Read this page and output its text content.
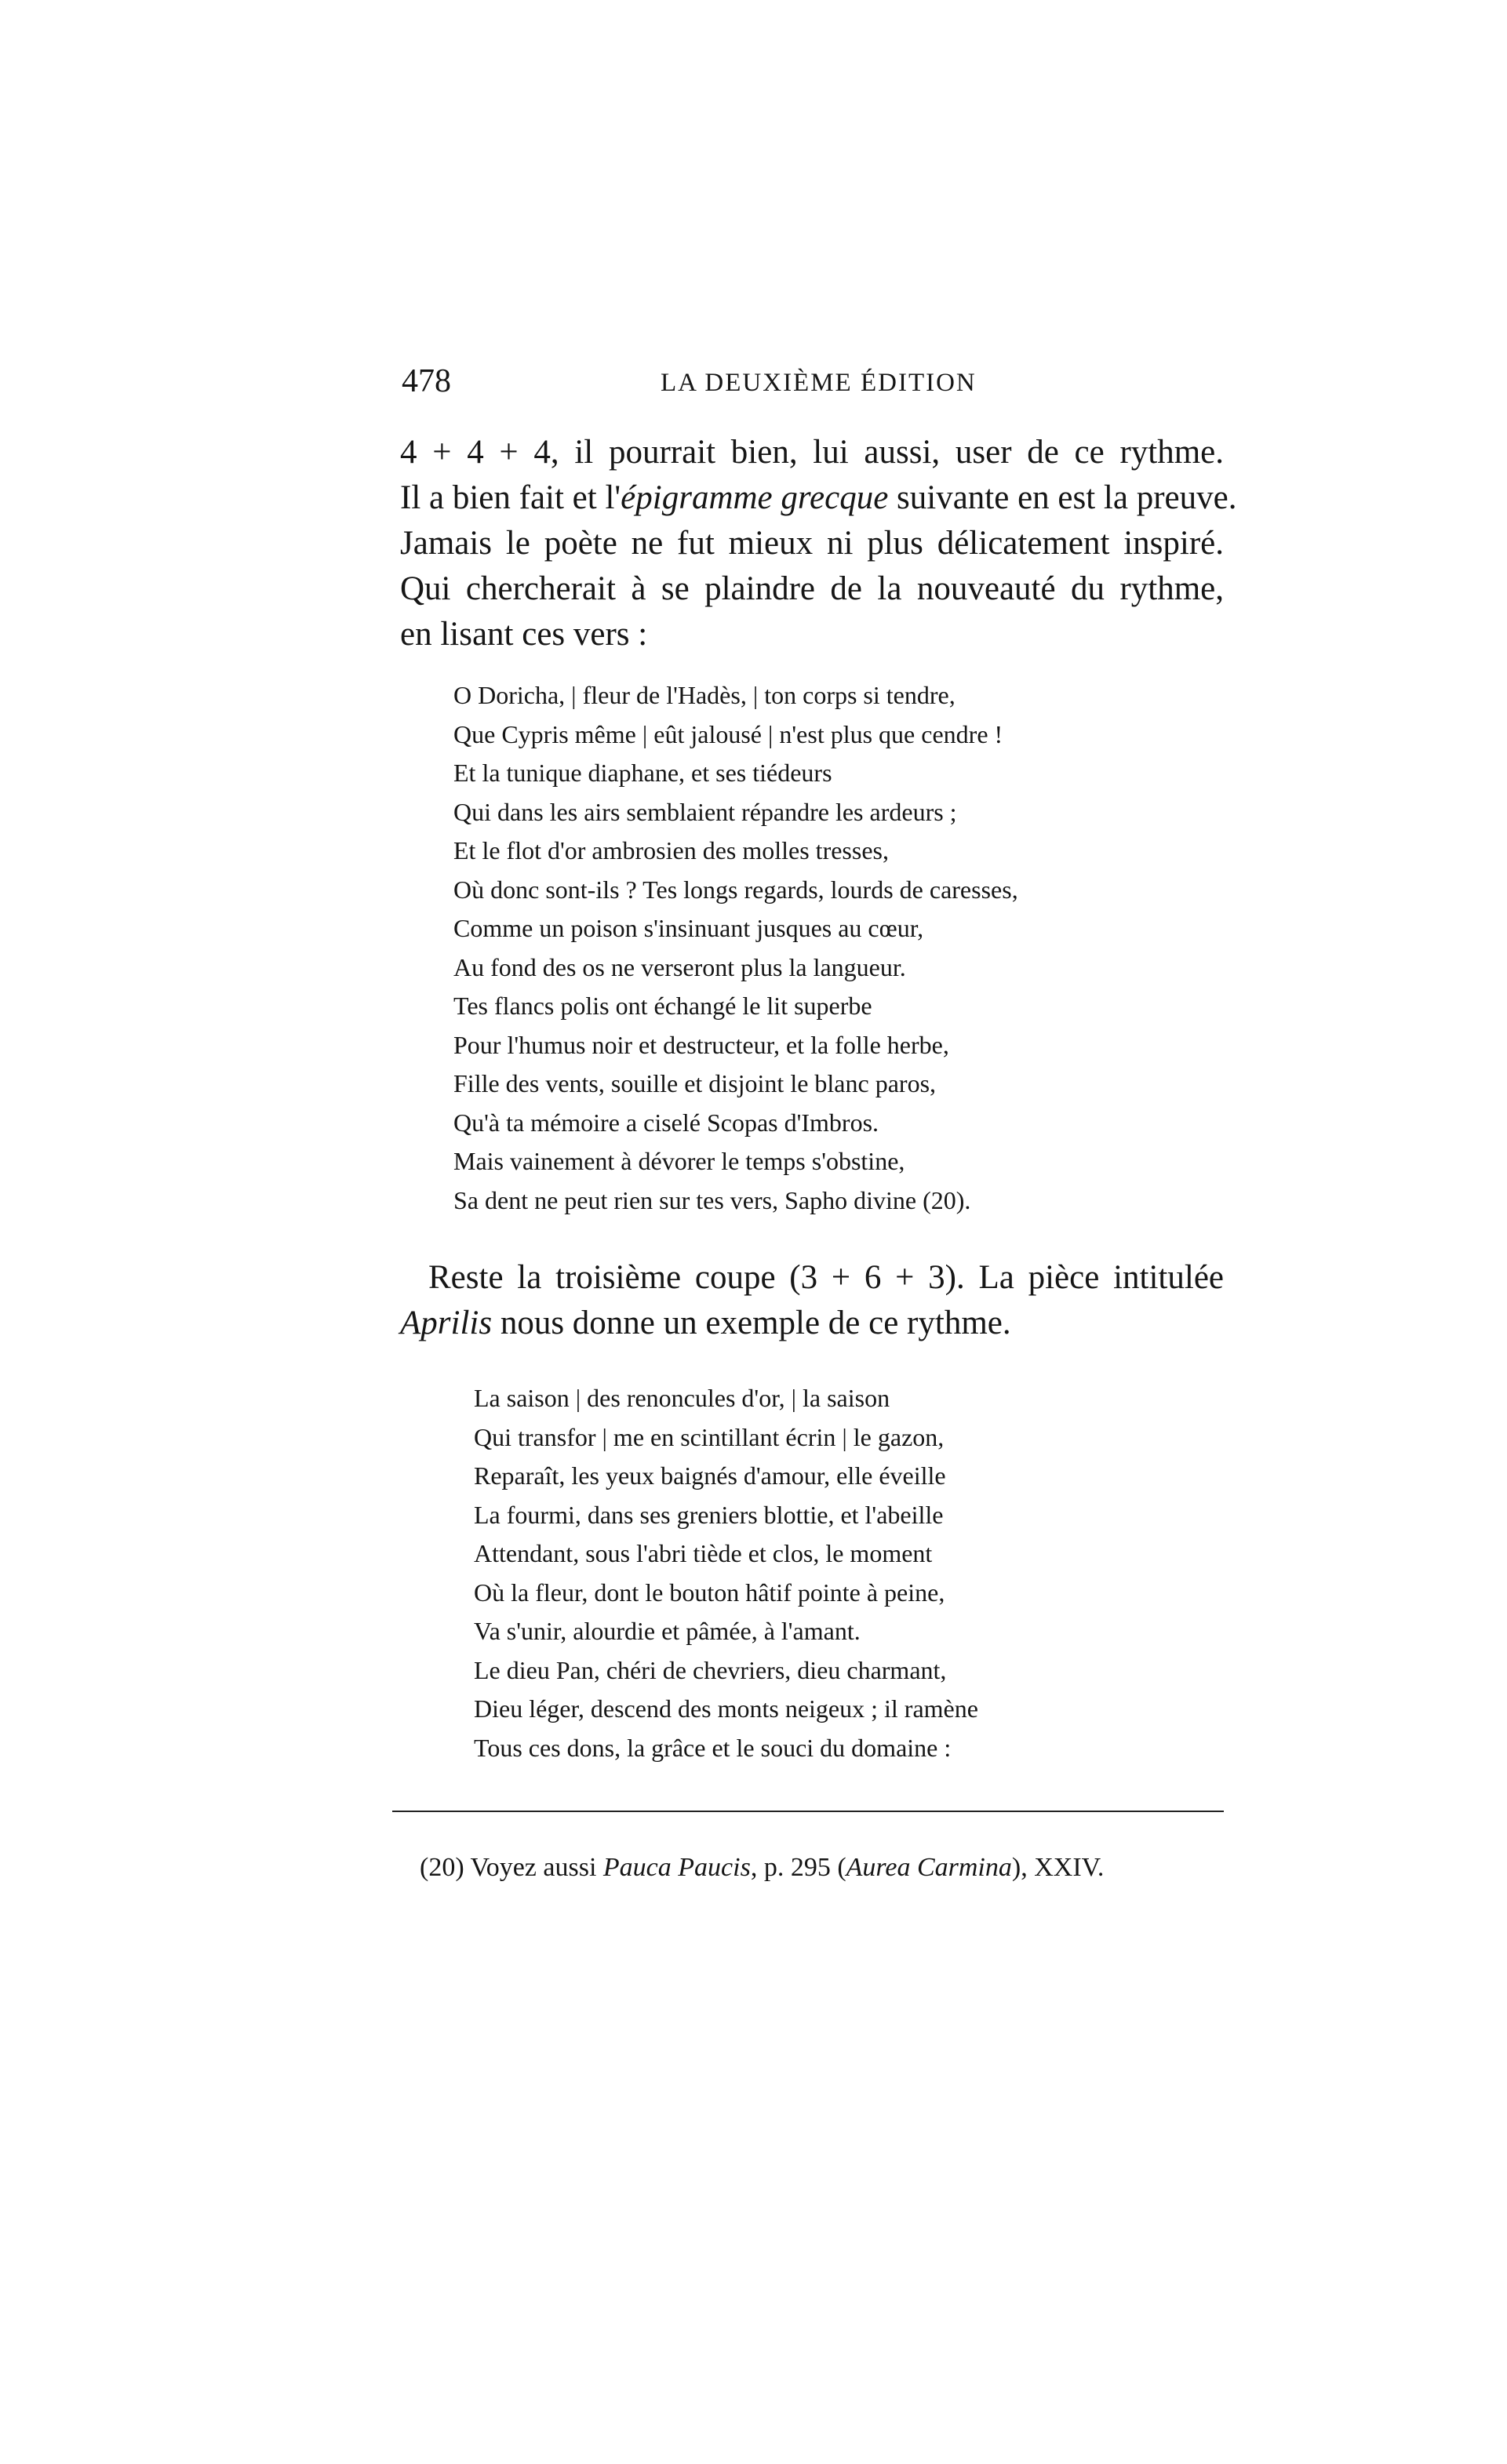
478	LA DEUXIÈME ÉDITION

4 + 4 + 4, il pourrait bien, lui aussi, user de ce rythme.
Il a bien fait et l'épigramme grecque suivante en est la preuve.
Jamais le poète ne fut mieux ni plus délicatement inspiré.
Qui chercherait à se plaindre de la nouveauté du rythme,
en lisant ces vers :

O Doricha, | fleur de l'Hadès, | ton corps si tendre,
Que Cypris même | eût jalousé | n'est plus que cendre !
Et la tunique diaphane, et ses tiédeurs
Qui dans les airs semblaient répandre les ardeurs ;
Et le flot d'or ambrosien des molles tresses,
Où donc sont-ils ? Tes longs regards, lourds de caresses,
Comme un poison s'insinuant jusques au cœur,
Au fond des os ne verseront plus la langueur.
Tes flancs polis ont échangé le lit superbe
Pour l'humus noir et destructeur, et la folle herbe,
Fille des vents, souille et disjoint le blanc paros,
Qu'à ta mémoire a ciselé Scopas d'Imbros.
Mais vainement à dévorer le temps s'obstine,
Sa dent ne peut rien sur tes vers, Sapho divine (20).

Reste la troisième coupe (3 + 6 + 3). La pièce intitulée
Aprilis nous donne un exemple de ce rythme.

La saison | des renoncules d'or, | la saison
Qui transfor | me en scintillant écrin | le gazon,
Reparaît, les yeux baignés d'amour, elle éveille
La fourmi, dans ses greniers blottie, et l'abeille
Attendant, sous l'abri tiède et clos, le moment
Où la fleur, dont le bouton hâtif pointe à peine,
Va s'unir, alourdie et pâmée, à l'amant.
Le dieu Pan, chéri de chevriers, dieu charmant,
Dieu léger, descend des monts neigeux ; il ramène
Tous ces dons, la grâce et le souci du domaine :

(20) Voyez aussi Pauca Paucis, p. 295 (Aurea Carmina), XXIV.
